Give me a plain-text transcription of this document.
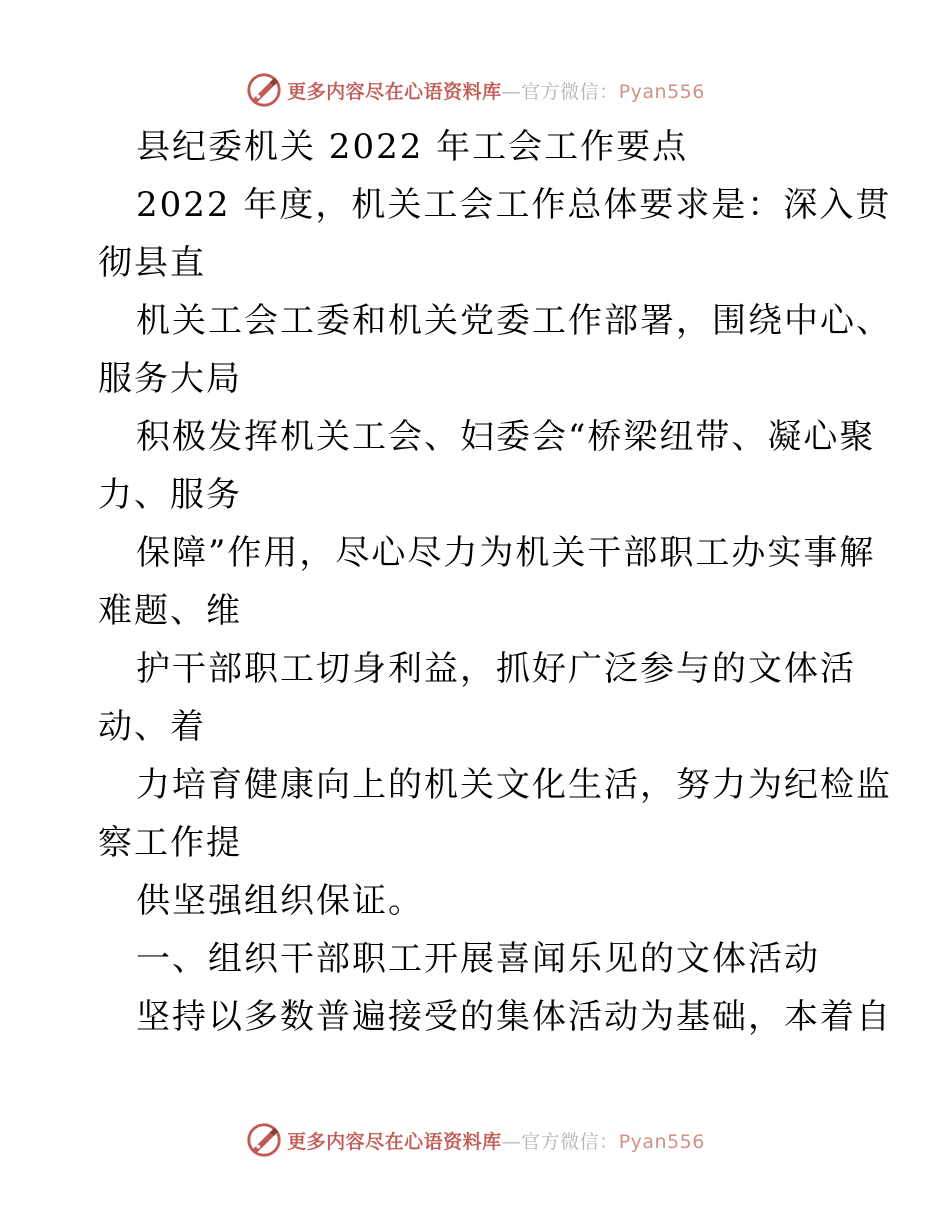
更多内容尽在心语资料库—官方微信：Pyan556
县纪委机关 2022 年工会工作要点
2022 年度，机关工会工作总体要求是：深入贯
彻县直
机关工会工委和机关党委工作部署，围绕中心、
服务大局
积极发挥机关工会、妇委会“桥梁纽带、凝心聚
力、服务
保障”作用，尽心尽力为机关干部职工办实事解
难题、维
护干部职工切身利益，抓好广泛参与的文体活
动、着
力培育健康向上的机关文化生活，努力为纪检监
察工作提
供坚强组织保证。
一、组织干部职工开展喜闻乐见的文体活动
坚持以多数普遍接受的集体活动为基础，本着自
更多内容尽在心语资料库—官方微信：Pyan556
